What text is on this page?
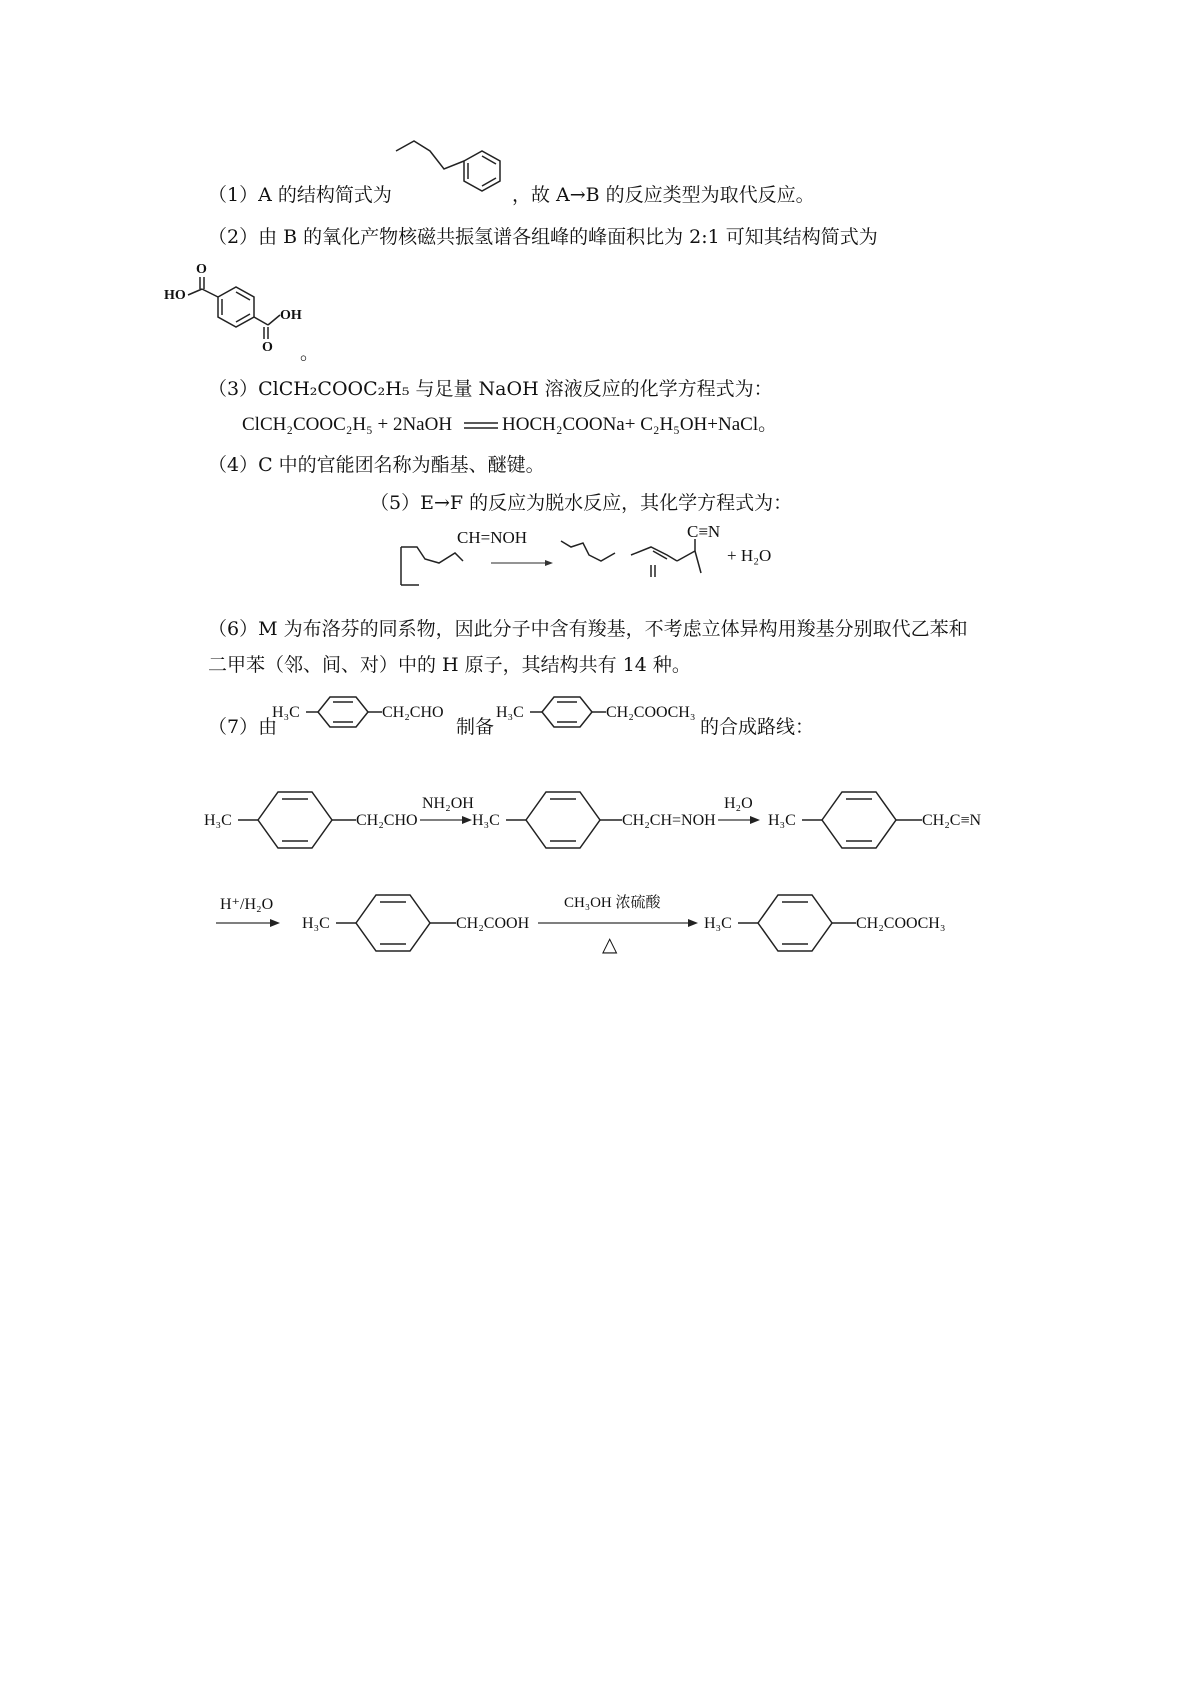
（1）A 的结构简式为	，故 A→B 的反应类型为取代反应。
（2）由 B 的氧化产物核磁共振氢谱各组峰的峰面积比为 2:1 可知其结构简式为
O
HO
OH
O 。
（3）ClCH₂COOC₂H₅ 与足量 NaOH 溶液反应的化学方程式为：
ClCH₂COOC₂H₅ + 2NaOH	HOCH₂COONa+ C₂H₅OH+NaCl。
（4）C 中的官能团名称为酯基、醚键。
（5）E→F 的反应为脱水反应，其化学方程式为：
CH=NOH	C≡N
+ H₂O
（6）M 为布洛芬的同系物，因此分子中含有羧基，不考虑立体异构用羧基分别取代乙苯和
二甲苯（邻、间、对）中的 H 原子，其结构共有 14 种。
（7）由
H₃C	CH₂CHO
制备
H₃C	CH₂COOCH₃
的合成路线：
H₃C	CH₂CHO
NH₂OH
H₃C	CH₂CH=NOH
H₂O
H₃C	CH₂C≡N
H⁺/H₂O
H₃C	CH₂COOH
CH₃OH 浓硫酸
△
H₃C	CH₂COOCH₃
